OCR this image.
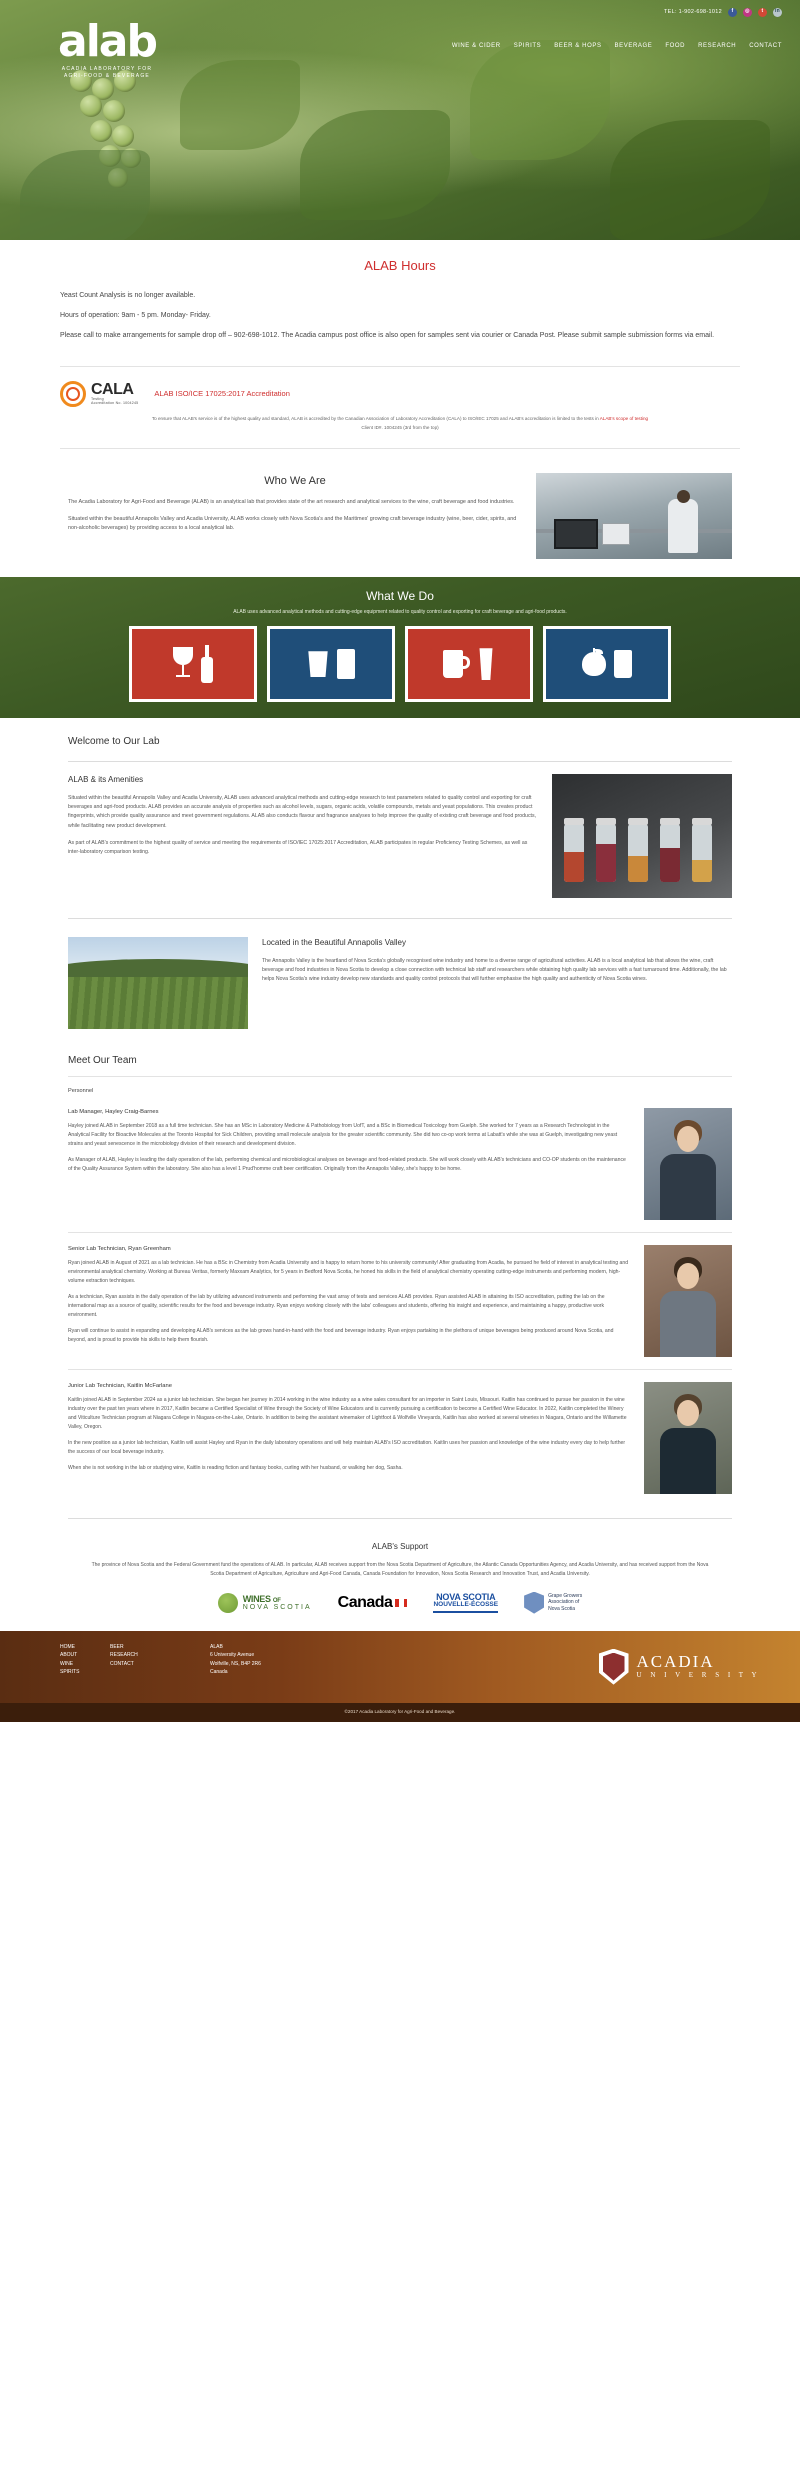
TEL: 1-902-698-1012	f	◎	t	in
alab
ACADIA LABORATORY FOR
AGRI-FOOD & BEVERAGE
WINE & CIDER SPIRITS BEER & HOPS BEVERAGE FOOD RESEARCH CONTACT
ALAB Hours

Yeast Count Analysis is no longer available.

Hours of operation: 9am - 5 pm. Monday- Friday.

Please call to make arrangements for sample drop off – 902-698-1012. The Acadia campus post office is also open for samples sent via courier or Canada Post. Please submit sample submission forms via email.

CALA
Testing
Accreditation No. 1004245
ALAB ISO/ICE 17025:2017 Accreditation
To ensure that ALAB's service is of the highest quality and standard, ALAB is accredited by the Canadian Association of Laboratory Accreditation (CALA) to ISO/IEC 17025 and ALAB's accreditation is limited to the tests in ALAB's scope of testing
Client ID#. 1004245 (3rd from the top)
Who We Are

The Acadia Laboratory for Agri-Food and Beverage (ALAB) is an analytical lab that provides state of the art research and analytical services to the wine, craft beverage and food industries.

Situated within the beautiful Annapolis Valley and Acadia University, ALAB works closely with Nova Scotia's and the Maritimes' growing craft beverage industry (wine, beer, cider, spirits, and non-alcoholic beverages) by providing access to a local analytical lab.

What We Do
ALAB uses advanced analytical methods and cutting-edge equipment related to quality control and exporting for craft beverage and agri-food products.
Welcome to Our Lab
ALAB & its Amenities

Situated within the beautiful Annapolis Valley and Acadia University, ALAB uses advanced analytical methods and cutting-edge research to test parameters related to quality control and exporting for craft beverages and agri-food products. ALAB provides an accurate analysis of properties such as alcohol levels, sugars, organic acids, volatile compounds, metals and yeast populations. This creates product fingerprints, which provide quality assurance and meet government regulations. ALAB also conducts flavour and fragrance analyses to help improve the quality of existing craft beverage and food products, while facilitating new product development.

As part of ALAB's commitment to the highest quality of service and meeting the requirements of ISO/IEC 17025:2017 Accreditation, ALAB participates in regular Proficiency Testing Schemes, as well as inter-laboratory comparison testing.

Located in the Beautiful Annapolis Valley

The Annapolis Valley is the heartland of Nova Scotia's globally recognised wine industry and home to a diverse range of agricultural activities. ALAB is a local analytical lab that allows the wine, craft beverage and food industries in Nova Scotia to develop a close connection with technical lab staff and researchers while obtaining high quality lab services with a fast turnaround time. Additionally, the lab helps Nova Scotia's wine industry develop new standards and quality control protocols that will further emphasise the high quality and authenticity of Nova Scotia wines.

Meet Our Team
Personnel
Lab Manager, Hayley Craig-Barnes

Hayley joined ALAB in September 2018 as a full time technician. She has an MSc in Laboratory Medicine & Pathobiology from UofT, and a BSc in Biomedical Toxicology from Guelph. She worked for 7 years as a Research Technologist in the Analytical Facility for Bioactive Molecules at the Toronto Hospital for Sick Children, providing small molecule analysis for the greater scientific community. She did two co-op work terms at Labatt's while she was at Guelph, investigating new yeast strains and yeast senescence in the microbiology division of their research and development division.

As Manager of ALAB, Hayley is leading the daily operation of the lab, performing chemical and microbiological analyses on beverage and food-related products. She will work closely with ALAB's technicians and CO-OP students on the maintenance of the Quality Assurance System within the laboratory. She also has a level 1 Prud'homme craft beer certification. Originally from the Annapolis Valley, she's happy to be home.

Senior Lab Technician, Ryan Greenham

Ryan joined ALAB in August of 2021 as a lab technician. He has a BSc in Chemistry from Acadia University and is happy to return home to his university community! After graduating from Acadia, he pursued he field of interest in analytical testing and environmental analytical chemistry. Working at Bureau Veritas, formerly Maxxam Analytics, for 5 years in Bedford Nova Scotia, he honed his skills in the field of analytical chemistry operating cutting-edge instruments and performing modern, high-volume extraction techniques.

As a technician, Ryan assists in the daily operation of the lab by utilizing advanced instruments and performing the vast array of tests and services ALAB provides. Ryan assisted ALAB in attaining its ISO accreditation, putting the lab on the international map as a source of quality, scientific results for the food and beverage industry. Ryan enjoys working closely with the labs' colleagues and students, offering his insight and experience, and maintaining a happy, productive work environment.

Ryan will continue to assist in expanding and developing ALAB's services as the lab grows hand-in-hand with the food and beverage industry. Ryan enjoys partaking in the plethora of unique beverages being produced around Nova Scotia, and beyond, and is proud to provide his skills to help them flourish.

Junior Lab Technician, Kaitlin McFarlane

Kaitlin joined ALAB in September 2024 as a junior lab technician. She began her journey in 2014 working in the wine industry as a wine sales consultant for an importer in Saint Louis, Missouri. Kaitlin has continued to pursue her passion in the wine industry over the past ten years where in 2017, Kaitlin became a Certified Specialist of Wine through the Society of Wine Educators and is currently pursuing a certification to become a Certified Wine Educator. In 2022, Kaitlin completed the Winery and Viticulture Technician program at Niagara College in Niagara-on-the-Lake, Ontario. In addition to being the assistant winemaker of Lightfoot & Wolfville Vineyards, Kaitlin has also worked at several wineries in Niagara, Ontario and the Willamette Valley, Oregon.

In the new position as a junior lab technician, Kaitlin will assist Hayley and Ryan in the daily laboratory operations and will help maintain ALAB's ISO accreditation. Kaitlin uses her passion and knowledge of the wine industry every day to help further the success of our local beverage industry.

When she is not working in the lab or studying wine, Kaitlin is reading fiction and fantasy books, curling with her husband, or walking her dog, Sasha.

ALAB's Support

The province of Nova Scotia and the Federal Government fund the operations of ALAB. In particular, ALAB receives support from the Nova Scotia Department of Agriculture, the Atlantic Canada Opportunities Agency, and Acadia University, and has received support from the Nova Scotia Department of Agriculture, Agriculture and Agri-Food Canada, Canada Foundation for Innovation, Nova Scotia Research and Innovation Trust, and Acadia University.

WINES OF
NOVA SCOTIA Canada	NOVA SCOTIA
NOUVELLE-ÉCOSSE
Grape Growers
Association of
Nova Scotia
HOME
ABOUT
WINE
SPIRITS
BEER
RESEARCH
CONTACT
ALAB
6 University Avenue
Wolfville, NS, B4P 2R6
Canada
ACADIA
U N I V E R S I T Y
©2017 Acadia Laboratory for Agri-Food and Beverage.
